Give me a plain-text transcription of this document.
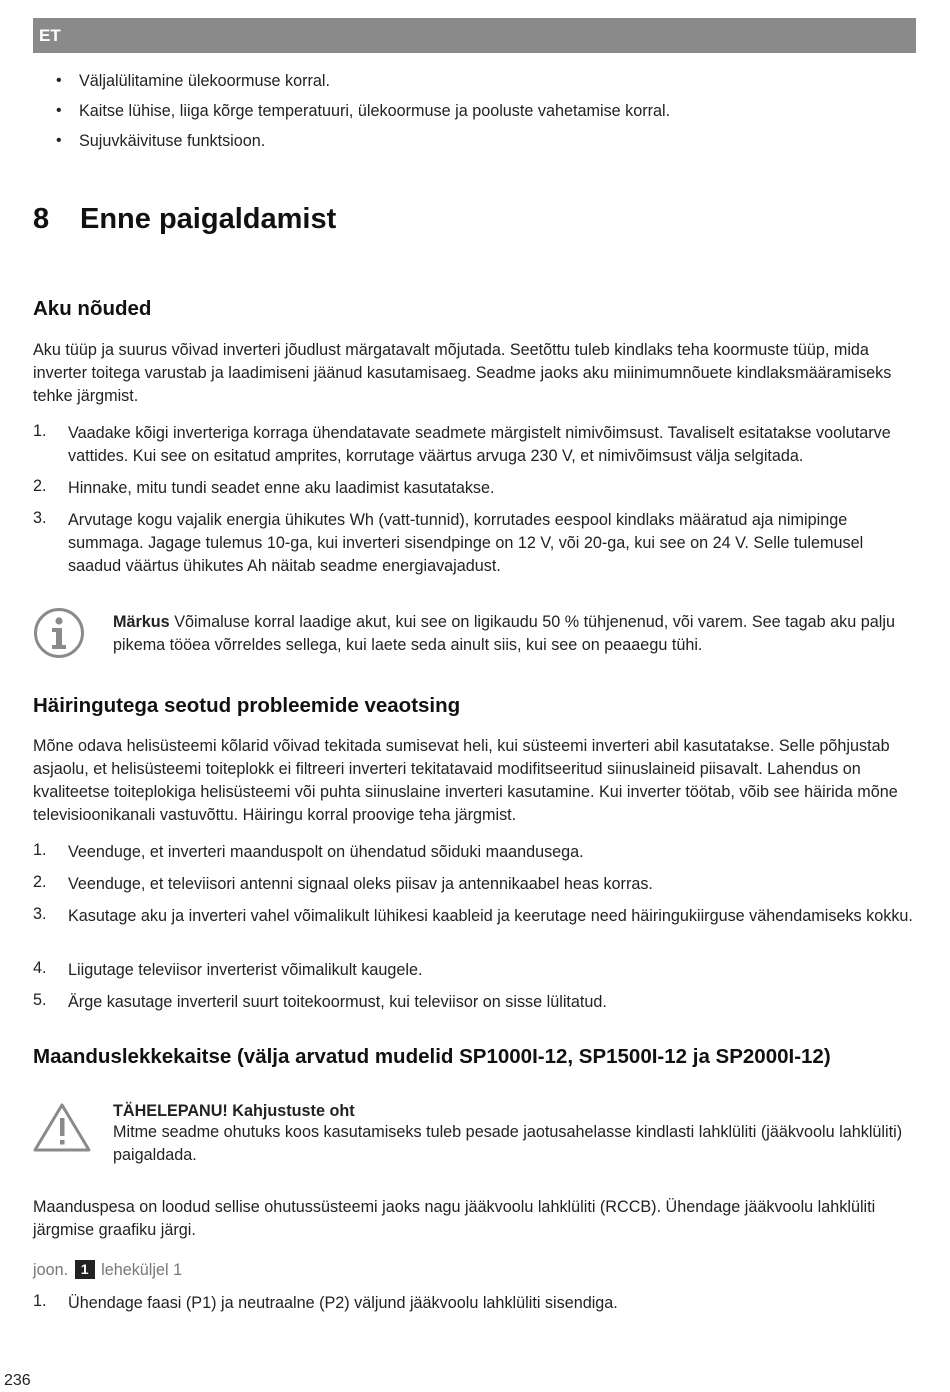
ET
• Väljalülitamine ülekoormuse korral.
• Kaitse lühise, liiga kõrge temperatuuri, ülekoormuse ja pooluste vahetamise korral.
• Sujuvkäivituse funktsioon.
8 Enne paigaldamist
Aku nõuded
Aku tüüp ja suurus võivad inverteri jõudlust märgatavalt mõjutada. Seetõttu tuleb kindlaks teha koormuste tüüp, mida inverter toitega varustab ja laadimiseni jäänud kasutamisaeg. Seadme jaoks aku miinimumnõuete kindlaksmääramiseks tehke järgmist.
1. Vaadake kõigi inverteriga korraga ühendatavate seadmete märgistelt nimivõimsust. Tavaliselt esitatakse voolutarve vattides. Kui see on esitatud amprites, korrutage väärtus arvuga 230 V, et nimivõimsust välja selgitada.
2. Hinnake, mitu tundi seadet enne aku laadimist kasutatakse.
3. Arvutage kogu vajalik energia ühikutes Wh (vatt-tunnid), korrutades eespool kindlaks määratud aja nimipinge summaga. Jagage tulemus 10-ga, kui inverteri sisendpinge on 12 V, või 20-ga, kui see on 24 V. Selle tulemusel saadud väärtus ühikutes Ah näitab seadme energiavajadust.
Märkus Võimaluse korral laadige akut, kui see on ligikaudu 50 % tühjenenud, või varem. See tagab aku palju pikema tööea võrreldes sellega, kui laete seda ainult siis, kui see on peaaegu tühi.
Häiringutega seotud probleemide veaotsing
Mõne odava helisüsteemi kõlarid võivad tekitada sumisevat heli, kui süsteemi inverteri abil kasutatakse. Selle põhjustab asjaolu, et helisüsteemi toiteplokk ei filtreeri inverteri tekitatavaid modifitseeritud siinuslaineid piisavalt. Lahendus on kvaliteetse toiteplokiga helisüsteemi või puhta siinuslaine inverteri kasutamine. Kui inverter töötab, võib see häirida mõne televisioonikanali vastuvõttu. Häiringu korral proovige teha järgmist.
1. Veenduge, et inverteri maanduspolt on ühendatud sõiduki maandusega.
2. Veenduge, et televiisori antenni signaal oleks piisav ja antennikaabel heas korras.
3. Kasutage aku ja inverteri vahel võimalikult lühikesi kaableid ja keerutage need häiringukiirguse vähendamiseks kokku.
4. Liigutage televiisor inverterist võimalikult kaugele.
5. Ärge kasutage inverteril suurt toitekoormust, kui televiisor on sisse lülitatud.
Maanduslekkekaitse (välja arvatud mudelid SP1000I-12, SP1500I-12 ja SP2000I-12)
TÄHELEPANU! Kahjustuste oht
Mitme seadme ohutuks koos kasutamiseks tuleb pesade jaotusahelasse kindlasti lahklüliti (jääkvoolu lahklüliti) paigaldada.
Maanduspesa on loodud sellise ohutussüsteemi jaoks nagu jääkvoolu lahklüliti (RCCB). Ühendage jääkvoolu lahklüliti järgmise graafiku järgi.
joon. 1 leheküljel 1
1. Ühendage faasi (P1) ja neutraalne (P2) väljund jääkvoolu lahklüliti sisendiga.
236
